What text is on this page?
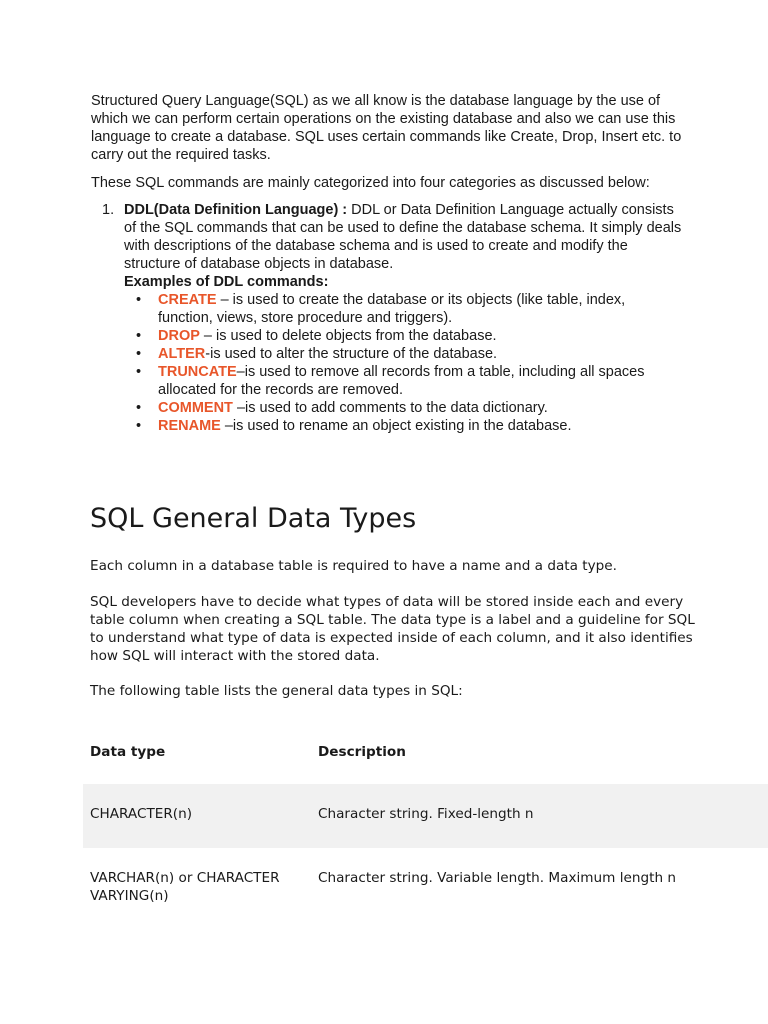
Structured Query Language(SQL) as we all know is the database language by the use of which we can perform certain operations on the existing database and also we can use this language to create a database. SQL uses certain commands like Create, Drop, Insert etc. to carry out the required tasks.

These SQL commands are mainly categorized into four categories as discussed below:

1. DDL(Data Definition Language) : DDL or Data Definition Language actually consists of the SQL commands that can be used to define the database schema. It simply deals with descriptions of the database schema and is used to create and modify the structure of database objects in database.

Examples of DDL commands:

• CREATE – is used to create the database or its objects (like table, index, function, views, store procedure and triggers).
• DROP – is used to delete objects from the database.
• ALTER-is used to alter the structure of the database.
• TRUNCATE–is used to remove all records from a table, including all spaces allocated for the records are removed.
• COMMENT –is used to add comments to the data dictionary.
• RENAME –is used to rename an object existing in the database.
SQL General Data Types

Each column in a database table is required to have a name and a data type.

SQL developers have to decide what types of data will be stored inside each and every table column when creating a SQL table. The data type is a label and a guideline for SQL to understand what type of data is expected inside of each column, and it also identifies how SQL will interact with the stored data.

The following table lists the general data types in SQL:

Data type	Description
CHARACTER(n)	Character string. Fixed-length n
VARCHAR(n) or CHARACTER VARYING(n)
Character string. Variable length. Maximum length n
